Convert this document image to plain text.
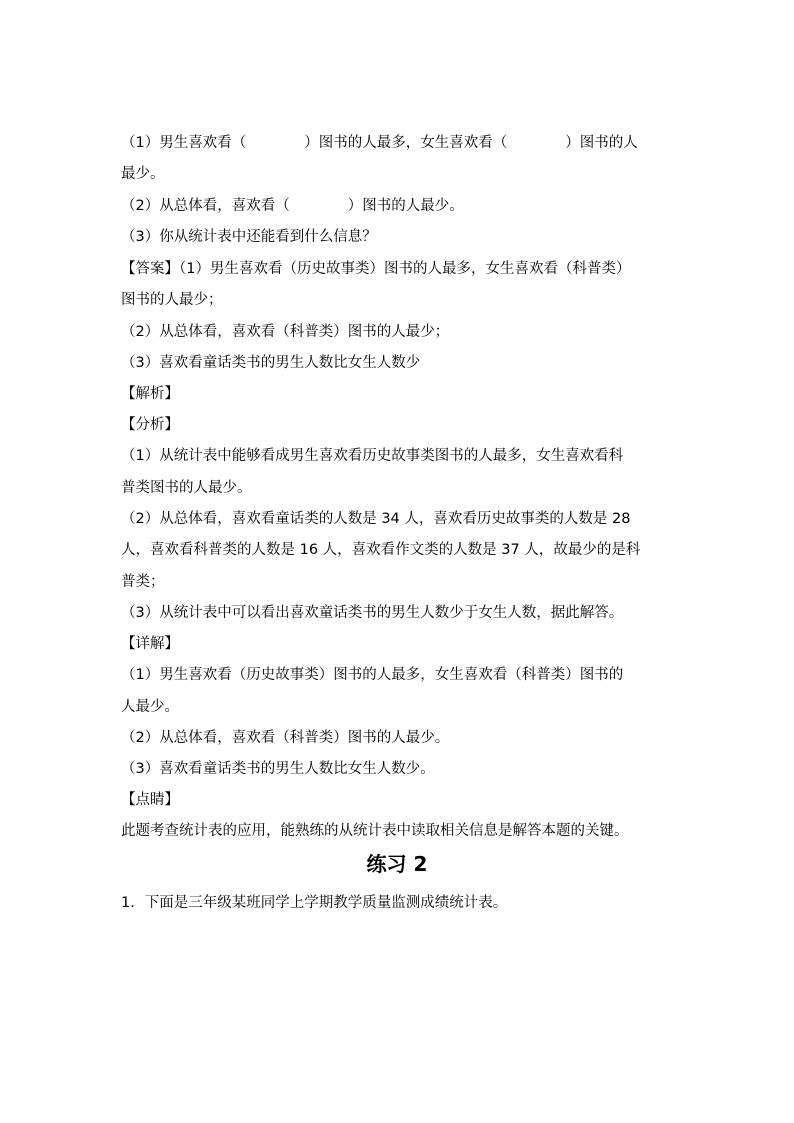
（1）男生喜欢看（　　　　）图书的人最多，女生喜欢看（　　　　）图书的人
最少。
（2）从总体看，喜欢看（　　　　）图书的人最少。
（3）你从统计表中还能看到什么信息？
【答案】（1）男生喜欢看（历史故事类）图书的人最多，女生喜欢看（科普类）
图书的人最少；
（2）从总体看，喜欢看（科普类）图书的人最少；
（3）喜欢看童话类书的男生人数比女生人数少
【解析】
【分析】
（1）从统计表中能够看成男生喜欢看历史故事类图书的人最多，女生喜欢看科
普类图书的人最少。
（2）从总体看，喜欢看童话类的人数是 34 人，喜欢看历史故事类的人数是 28
人，喜欢看科普类的人数是 16 人，喜欢看作文类的人数是 37 人，故最少的是科
普类；
（3）从统计表中可以看出喜欢童话类书的男生人数少于女生人数，据此解答。
【详解】
（1）男生喜欢看（历史故事类）图书的人最多，女生喜欢看（科普类）图书的
人最少。
（2）从总体看，喜欢看（科普类）图书的人最少。
（3）喜欢看童话类书的男生人数比女生人数少。
【点睛】
此题考查统计表的应用，能熟练的从统计表中读取相关信息是解答本题的关键。
练习 2
1．下面是三年级某班同学上学期教学质量监测成绩统计表。
